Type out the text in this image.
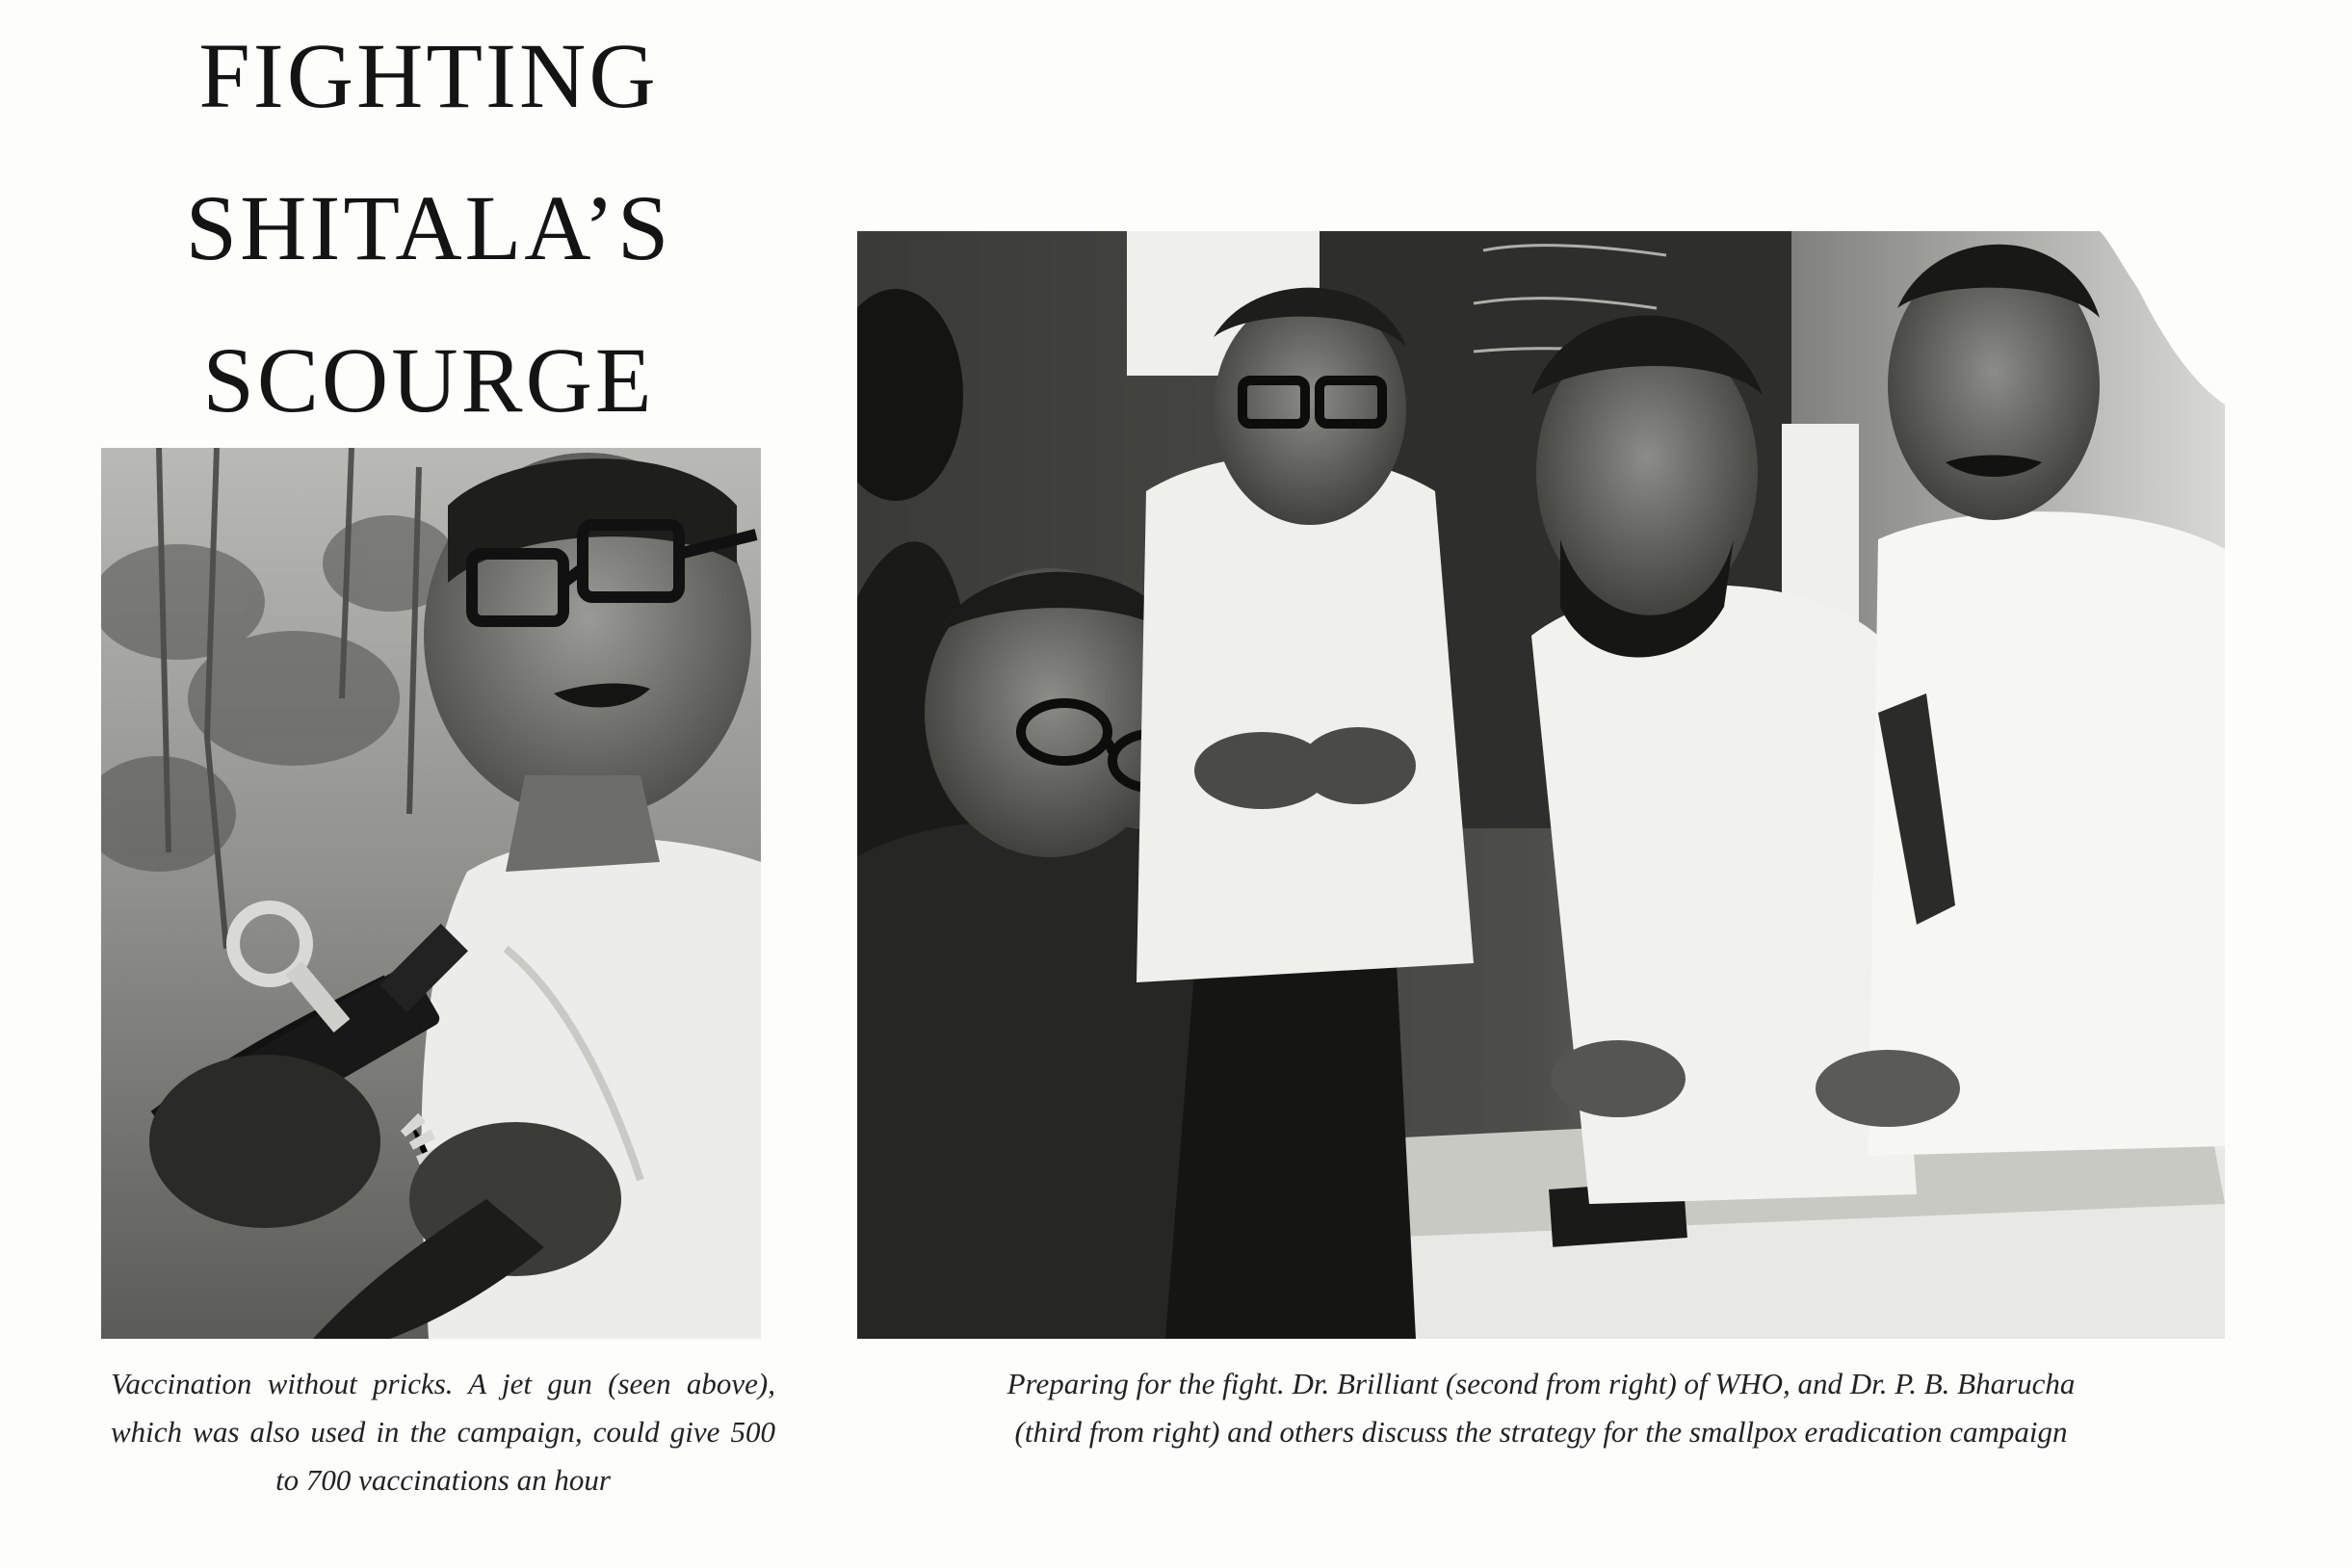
FIGHTING
SHITALA’S
SCOURGE
Vaccination without pricks. A jet gun (seen above), which was also used in the campaign, could give 500 to 700 vaccinations an hour
Preparing for the fight. Dr. Brilliant (second from right) of WHO, and Dr. P. B. Bharucha
(third from right) and others discuss the strategy for the smallpox eradication campaign
